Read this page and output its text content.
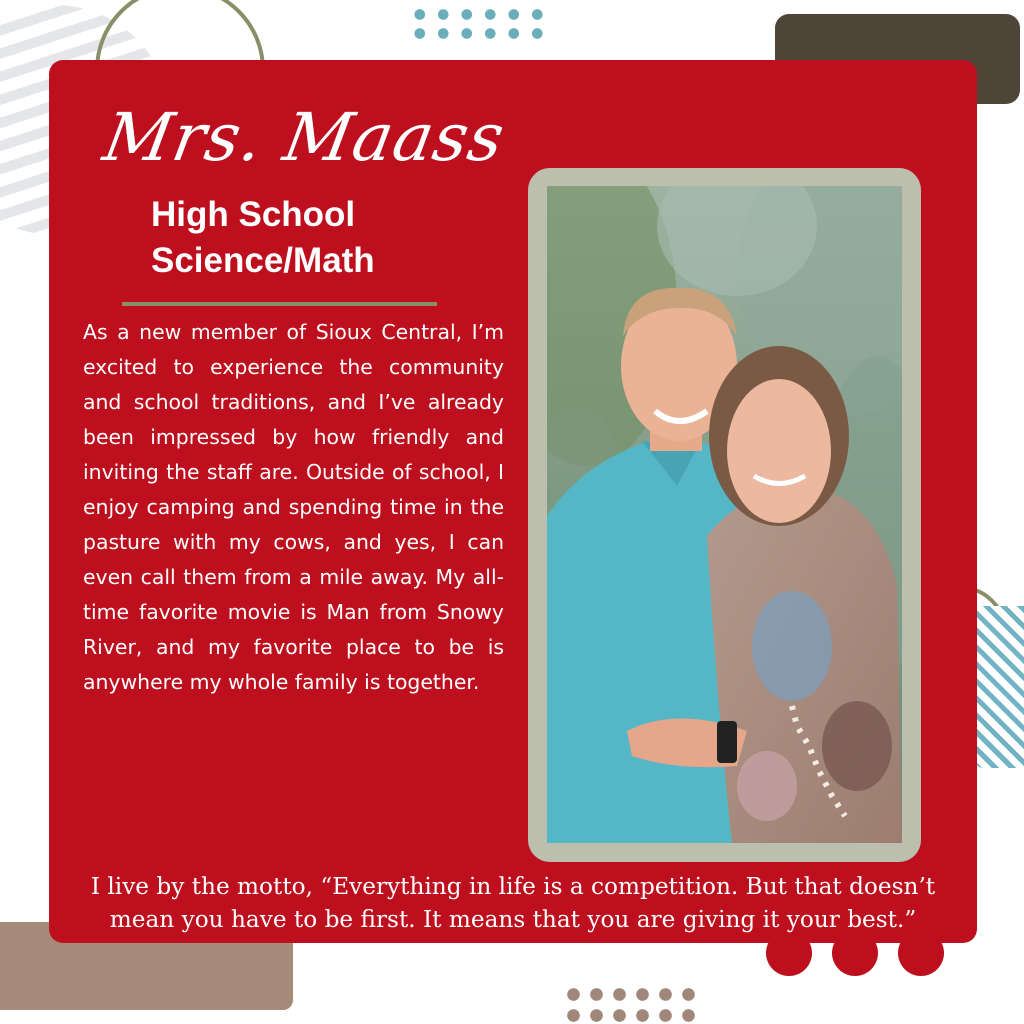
Mrs. Maass
High School
Science/Math
As a new member of Sioux Central, I’m excited to experience the community and school traditions, and I’ve already been impressed by how friendly and inviting the staff are. Outside of school, I enjoy camping and spending time in the pasture with my cows, and yes, I can even call them from a mile away. My all-time favorite movie is Man from Snowy River, and my favorite place to be is anywhere my whole family is together.
I live by the motto, “Everything in life is a competition. But that doesn’t mean you have to be first. It means that you are giving it your best.”
